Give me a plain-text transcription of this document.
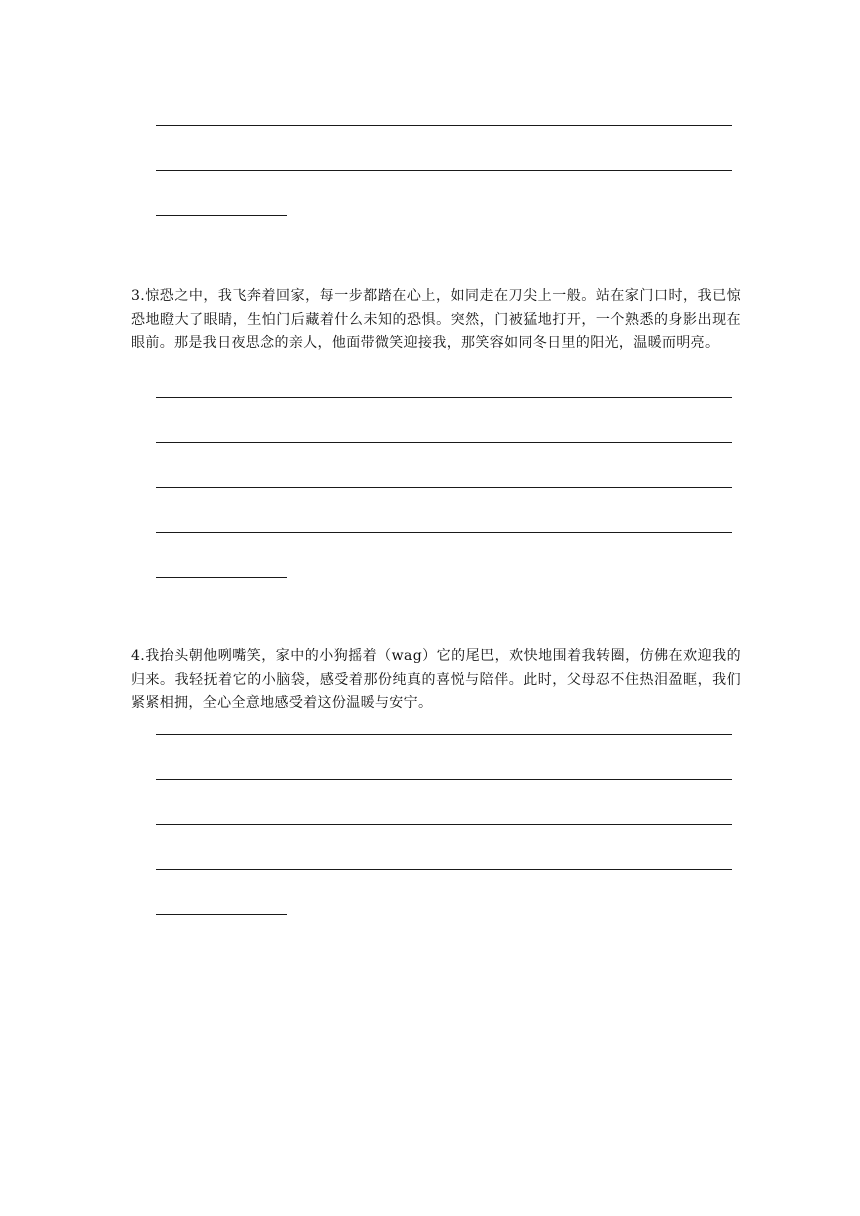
3.惊恐之中，我飞奔着回家，每一步都踏在心上，如同走在刀尖上一般。站在家门口时，我已惊恐地瞪大了眼睛，生怕门后藏着什么未知的恐惧。突然，门被猛地打开，一个熟悉的身影出现在眼前。那是我日夜思念的亲人，他面带微笑迎接我，那笑容如同冬日里的阳光，温暖而明亮。

4.我抬头朝他咧嘴笑，家中的小狗摇着（wag）它的尾巴，欢快地围着我转圈，仿佛在欢迎我的归来。我轻抚着它的小脑袋，感受着那份纯真的喜悦与陪伴。此时，父母忍不住热泪盈眶，我们紧紧相拥，全心全意地感受着这份温暖与安宁。
